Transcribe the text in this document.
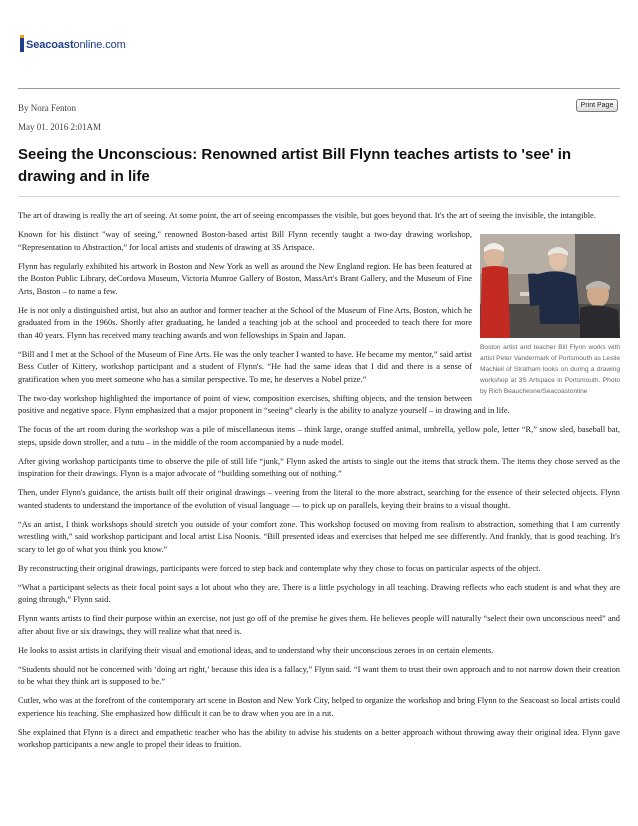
Seacoastonline.com
Print Page
By Nora Fenton
May 01. 2016 2:01AM
Seeing the Unconscious: Renowned artist Bill Flynn teaches artists to 'see' in drawing and in life

The art of drawing is really the art of seeing. At some point, the art of seeing encompasses the visible, but goes beyond that. It's the art of seeing the invisible, the intangible.

Boston artist and teacher Bill Flynn works with artist Peter Vandermark of Portsmouth as Leslie MacNeil of Stratham looks on during a drawing workshop at 3S Artspace in Portsmouth. Photo by Rich Beauchesne/Seacoastonline

Known for his distinct "way of seeing," renowned Boston-based artist Bill Flynn recently taught a two-day drawing workshop, “Representation to Abstraction,” for local artists and students of drawing at 3S Artspace.

Flynn has regularly exhibited his artwork in Boston and New York as well as around the New England region. He has been featured at the Boston Public Library, deCordova Museum, Victoria Munroe Gallery of Boston, MassArt's Brant Gallery, and the Museum of Fine Arts, Boston – to name a few.

He is not only a distinguished artist, but also an author and former teacher at the School of the Museum of Fine Arts, Boston, which he graduated from in the 1960s. Shortly after graduating, he landed a teaching job at the school and proceeded to teach there for more than 40 years. Flynn has received many teaching awards and won fellowships in Spain and Japan.

“Bill and I met at the School of the Museum of Fine Arts. He was the only teacher I wanted to have. He became my mentor,” said artist Bess Cutler of Kittery, workshop participant and a student of Flynn's. “He had the same ideas that I did and there is a sense of gratification when you meet someone who has a similar perspective. To me, he deserves a Nobel prize.”

The two-day workshop highlighted the importance of point of view, composition exercises, shifting objects, and the tension between positive and negative space. Flynn emphasized that a major proponent in “seeing” clearly is the ability to analyze yourself – in drawing and in life.

The focus of the art room during the workshop was a pile of miscellaneous items – think large, orange stuffed animal, umbrella, yellow pole, letter “R,” snow sled, baseball bat, steps, upside down stroller, and a tutu – in the middle of the room accompanied by a nude model.

After giving workshop participants time to observe the pile of still life “junk,” Flynn asked the artists to single out the items that struck them. The items they chose served as the inspiration for their drawings. Flynn is a major advocate of “building something out of nothing.”

Then, under Flynn's guidance, the artists built off their original drawings – veering from the literal to the more abstract, searching for the essence of their selected objects. Flynn wanted students to understand the importance of the evolution of visual language — to pick up on parallels, keying their brains to a visual thought.

“As an artist, I think workshops should stretch you outside of your comfort zone. This workshop focused on moving from realism to abstraction, something that I am currently wrestling with,” said workshop participant and local artist Lisa Noonis. “Bill presented ideas and exercises that helped me see differently. And frankly, that is good teaching. It's scary to let go of what you think you know.”

By reconstructing their original drawings, participants were forced to step back and contemplate why they chose to focus on particular aspects of the object.

“What a participant selects as their focal point says a lot about who they are. There is a little psychology in all teaching. Drawing reflects who each student is and what they are going through,” Flynn said.

Flynn wants artists to find their purpose within an exercise, not just go off of the premise he gives them. He believes people will naturally “select their own unconscious need” and after about five or six drawings, they will realize what that need is.

He looks to assist artists in clarifying their visual and emotional ideas, and to understand why their unconscious zeroes in on certain elements.

“Students should not be concerned with ‘doing art right,’ because this idea is a fallacy,” Flynn said. “I want them to trust their own approach and to not narrow down their creation to be what they think art is supposed to be.”

Cutler, who was at the forefront of the contemporary art scene in Boston and New York City, helped to organize the workshop and bring Flynn to the Seacoast so local artists could experience his teaching. She emphasized how difficult it can be to draw when you are in a rut.

She explained that Flynn is a direct and empathetic teacher who has the ability to advise his students on a better approach without throwing away their original idea. Flynn gave workshop participants a new angle to propel their ideas to fruition.
